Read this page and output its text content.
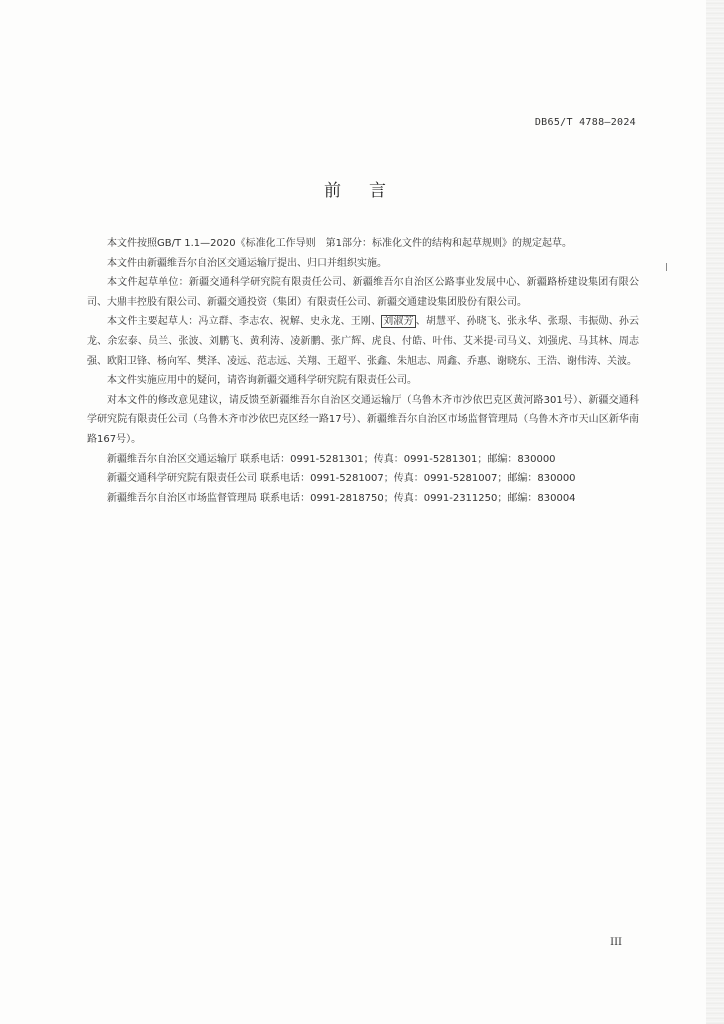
DB65/T 4788—2024
前言

本文件按照GB/T 1.1—2020《标准化工作导则　第1部分：标准化文件的结构和起草规则》的规定起草。

本文件由新疆维吾尔自治区交通运输厅提出、归口并组织实施。

本文件起草单位：新疆交通科学研究院有限责任公司、新疆维吾尔自治区公路事业发展中心、新疆路桥建设集团有限公司、大鼎丰控股有限公司、新疆交通投资（集团）有限责任公司、新疆交通建设集团股份有限公司。

本文件主要起草人：冯立群、李志农、祝解、史永龙、王刚、 刘淑芳 、胡慧平、孙晓飞、张永华、张璟、韦振勋、孙云龙、余宏泰、员兰、张波、刘鹏飞、黄利涛、凌新鹏、张广辉、虎良、付皓、叶伟、艾米提·司马义、刘强虎、马其林、周志强、欧阳卫锋、杨向军、樊泽、凌远、范志远、关翔、王超平、张鑫、朱旭志、周鑫、乔惠、谢晓东、王浩、谢伟涛、关波。

本文件实施应用中的疑问，请咨询新疆交通科学研究院有限责任公司。

对本文件的修改意见建议，请反馈至新疆维吾尔自治区交通运输厅（乌鲁木齐市沙依巴克区黄河路301号）、新疆交通科学研究院有限责任公司（乌鲁木齐市沙依巴克区经一路17号）、新疆维吾尔自治区市场监督管理局（乌鲁木齐市天山区新华南路167号）。

新疆维吾尔自治区交通运输厅 联系电话：0991-5281301；传真：0991-5281301；邮编：830000

新疆交通科学研究院有限责任公司 联系电话：0991-5281007；传真：0991-5281007；邮编：830000

新疆维吾尔自治区市场监督管理局 联系电话：0991-2818750；传真：0991-2311250；邮编：830004

III
